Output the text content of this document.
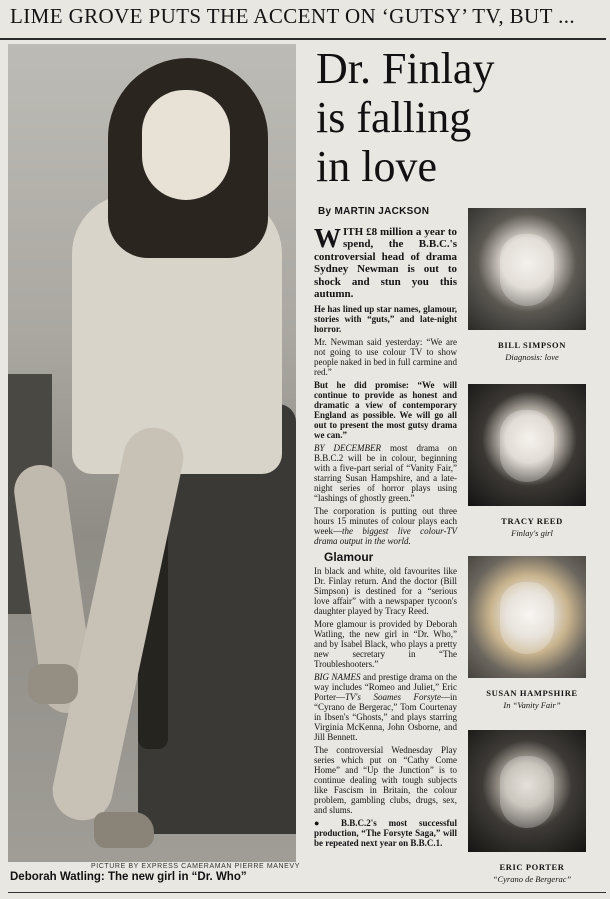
LIME GROVE PUTS THE ACCENT ON ‘GUTSY’ TV, BUT ...
PICTURE BY EXPRESS CAMERAMAN PIERRE MANEVY
Deborah Watling: The new girl in “Dr. Who”
Dr. Finlay
is falling
in love
By MARTIN JACKSON

WITH £8 million a year to spend, the B.B.C.'s controversial head of drama Sydney Newman is out to shock and stun you this autumn.

He has lined up star names, glamour, stories with “guts,” and late-night horror.

Mr. Newman said yesterday: “We are not going to use colour TV to show people naked in bed in full carmine and red.”

But he did promise: “We will continue to provide as honest and dramatic a view of contemporary England as possible. We will go all out to present the most gutsy drama we can.”

BY DECEMBER most drama on B.B.C.2 will be in colour, beginning with a five-part serial of “Vanity Fair,” starring Susan Hampshire, and a late-night series of horror plays using “lashings of ghostly green.”

The corporation is putting out three hours 15 minutes of colour plays each week—the biggest live colour-TV drama output in the world.

Glamour

In black and white, old favourites like Dr. Finlay return. And the doctor (Bill Simpson) is destined for a “serious love affair” with a newspaper tycoon's daughter played by Tracy Reed.

More glamour is provided by Deborah Watling, the new girl in “Dr. Who,” and by Isabel Black, who plays a pretty new secretary in “The Troubleshooters.”

BIG NAMES and prestige drama on the way includes “Romeo and Juliet,” Eric Porter—TV's Soames Forsyte—in “Cyrano de Bergerac,” Tom Courtenay in Ibsen's “Ghosts,” and plays starring Virginia McKenna, John Osborne, and Jill Bennett.

The controversial Wednesday Play series which put on “Cathy Come Home” and “Up the Junction” is to continue dealing with tough subjects like Fascism in Britain, the colour problem, gambling clubs, drugs, sex, and slums.

● B.B.C.2's most successful production, “The Forsyte Saga,” will be repeated next year on B.B.C.1.

BILL SIMPSON
Diagnosis: love
TRACY REED
Finlay's girl
SUSAN HAMPSHIRE
In “Vanity Fair”
ERIC PORTER
“Cyrano de Bergerac”
